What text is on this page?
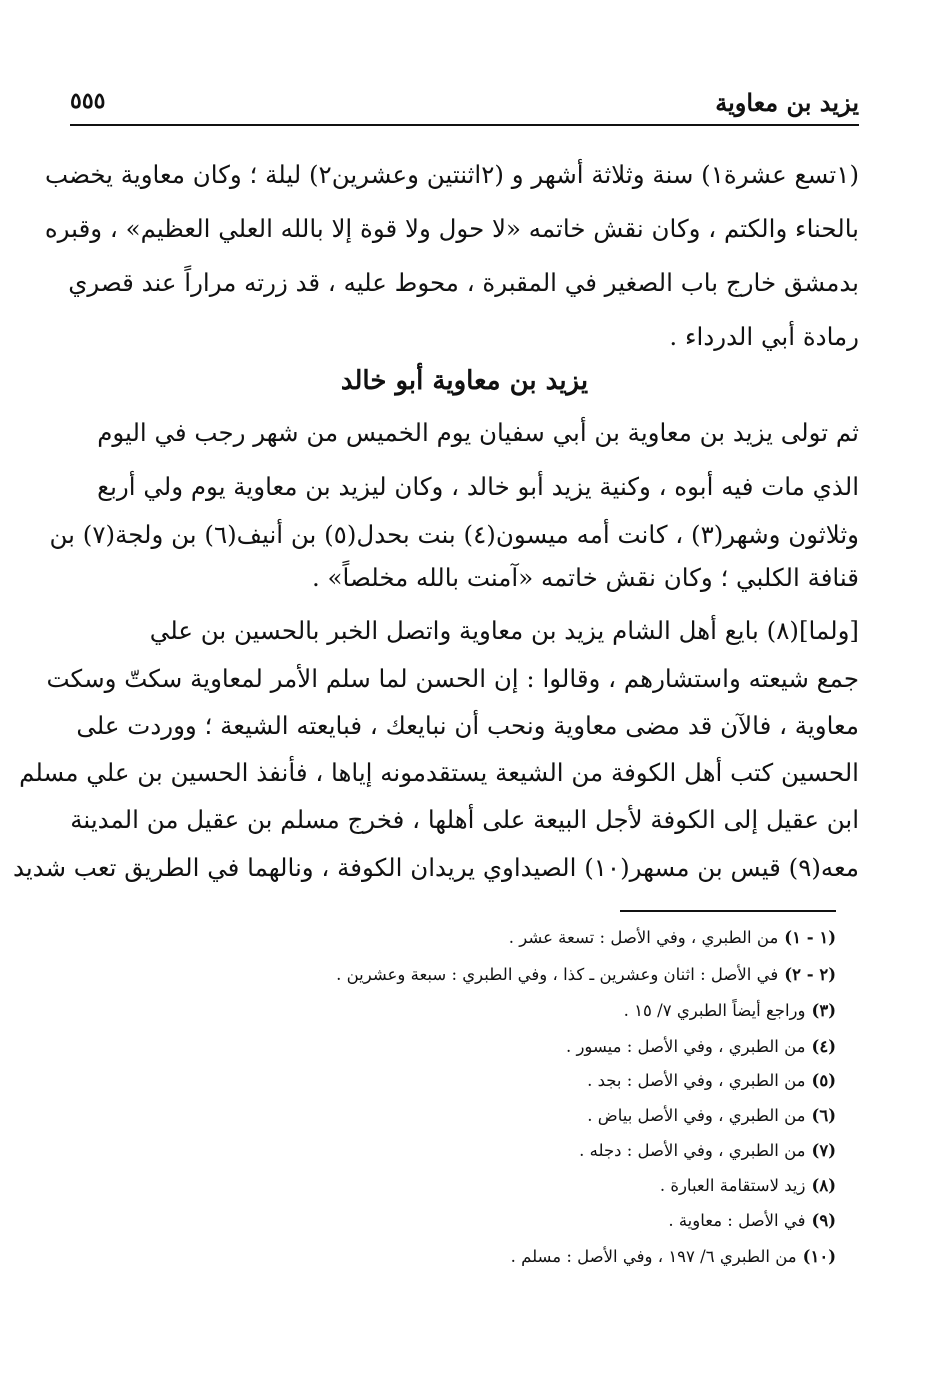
يزيد بن معاوية
٥٥٥
(١تسع عشرة١) سنة وثلاثة أشهر و (٢اثنتين وعشرين٢) ليلة ؛ وكان معاوية يخضب
بالحناء والكتم ، وكان نقش خاتمه «لا حول ولا قوة إلا بالله العلي العظيم» ، وقبره
بدمشق خارج باب الصغير في المقبرة ، محوط عليه ، قد زرته مراراً عند قصري
رمادة أبي الدرداء .
يزيد بن معاوية أبو خالد
ثم تولى يزيد بن معاوية بن أبي سفيان يوم الخميس من شهر رجب في اليوم
الذي مات فيه أبوه ، وكنية يزيد أبو خالد ، وكان ليزيد بن معاوية يوم ولي أربع
وثلاثون وشهر(٣) ، كانت أمه ميسون(٤) بنت بحدل(٥) بن أنيف(٦) بن ولجة(٧) بن
قنافة الكلبي ؛ وكان نقش خاتمه «آمنت بالله مخلصاً» .
[ولما](٨) بايع أهل الشام يزيد بن معاوية واتصل الخبر بالحسين بن علي
جمع شيعته واستشارهم ، وقالوا : إن الحسن لما سلم الأمر لمعاوية سكتّ وسكت
معاوية ، فالآن قد مضى معاوية ونحب أن نبايعك ، فبايعته الشيعة ؛ ووردت على
الحسين كتب أهل الكوفة من الشيعة يستقدمونه إياها ، فأنفذ الحسين بن علي مسلم
ابن عقيل إلى الكوفة لأجل البيعة على أهلها ، فخرج مسلم بن عقيل من المدينة
معه(٩) قيس بن مسهر(١٠) الصيداوي يريدان الكوفة ، ونالهما في الطريق تعب شديد
(١ - ١)من الطبري ، وفي الأصل : تسعة عشر .
(٢ - ٢)في الأصل : اثنان وعشرين ـ كذا ، وفي الطبري : سبعة وعشرين .
(٣)وراجع أيضاً الطبري ٧/ ١٥ .
(٤)من الطبري ، وفي الأصل : ميسور .
(٥)من الطبري ، وفي الأصل : بجد .
(٦)من الطبري ، وفي الأصل بياض .
(٧)من الطبري ، وفي الأصل : دجله .
(٨)زيد لاستقامة العبارة .
(٩)في الأصل : معاوية .
(١٠)من الطبري ٦/ ١٩٧ ، وفي الأصل : مسلم .
